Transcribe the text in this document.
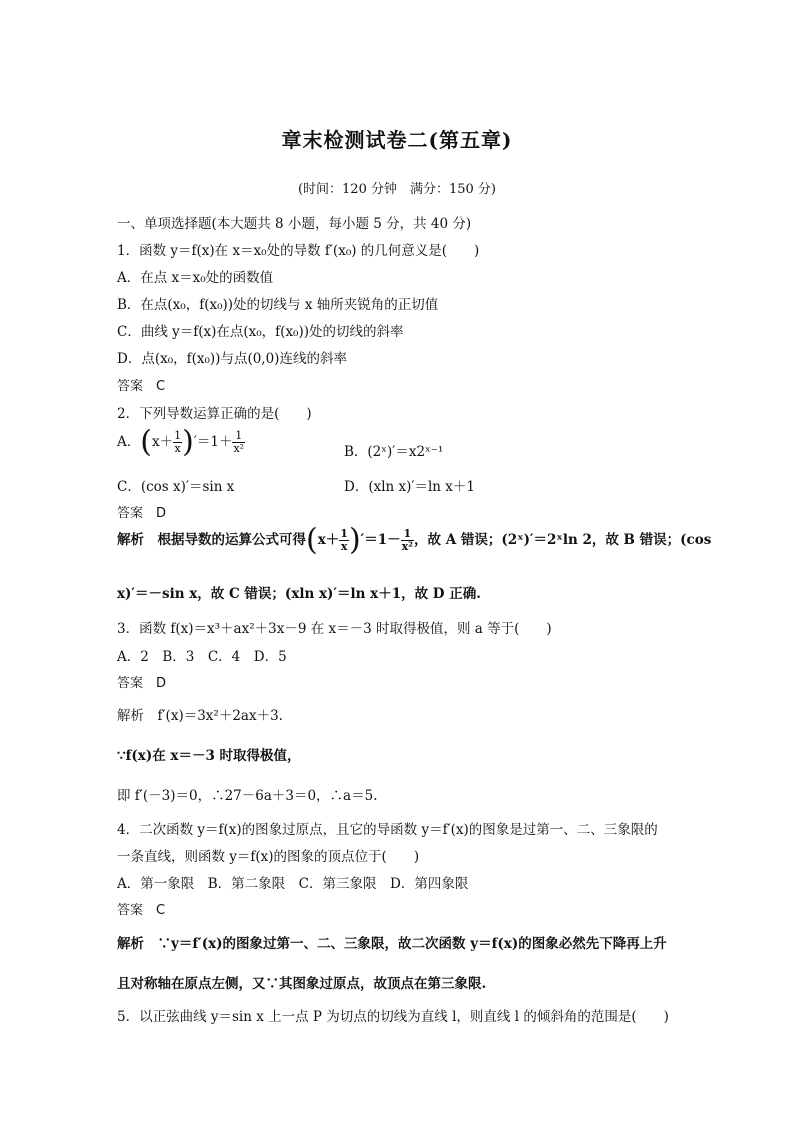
章末检测试卷二(第五章)
(时间：120 分钟　满分：150 分)
一、单项选择题(本大题共 8 小题，每小题 5 分，共 40 分)
1．函数 y＝f(x)在 x＝x₀处的导数 f′(x₀) 的几何意义是(　　)
A．在点 x＝x₀处的函数值
B．在点(x₀，f(x₀))处的切线与 x 轴所夹锐角的正切值
C．曲线 y＝f(x)在点(x₀，f(x₀))处的切线的斜率
D．点(x₀，f(x₀))与点(0,0)连线的斜率
答案　C
2．下列导数运算正确的是(　　)
A．$(x+ \frac{1}{x} )'=1+ \frac{1}{\text{x²}}$	B．(2ˣ)′＝x2ˣ⁻¹
C．(cos x)′＝sin x	D．(xln x)′＝ln x＋1
答案　D
解析　根据导数的运算公式可得$(x+ \frac{1}{x} )'=1- \frac{1}{\text{x²}}$ ，故 A 错误；(2ˣ)′＝2ˣln 2，故 B 错误；(cos
x)′＝－sin x，故 C 错误；(xln x)′＝ln x＋1，故 D 正确.
3．函数 f(x)＝x³＋ax²＋3x－9 在 x＝－3 时取得极值，则 a 等于(　　)
A．2　B．3　C．4　D．5
答案　D
解析　f′(x)＝3x²＋2ax＋3.
∵f(x)在 x＝－3 时取得极值，
即 f′(－3)＝0，∴27－6a＋3＝0，∴a＝5.
4．二次函数 y＝f(x)的图象过原点，且它的导函数 y＝f′(x)的图象是过第一、二、三象限的
一条直线，则函数 y＝f(x)的图象的顶点位于(　　)
A．第一象限　B．第二象限　C．第三象限　D．第四象限
答案　C
解析　∵y＝f′(x)的图象过第一、二、三象限，故二次函数 y＝f(x)的图象必然先下降再上升
且对称轴在原点左侧，又∵其图象过原点，故顶点在第三象限.
5．以正弦曲线 y＝sin x 上一点 P 为切点的切线为直线 l，则直线 l 的倾斜角的范围是(　　)
